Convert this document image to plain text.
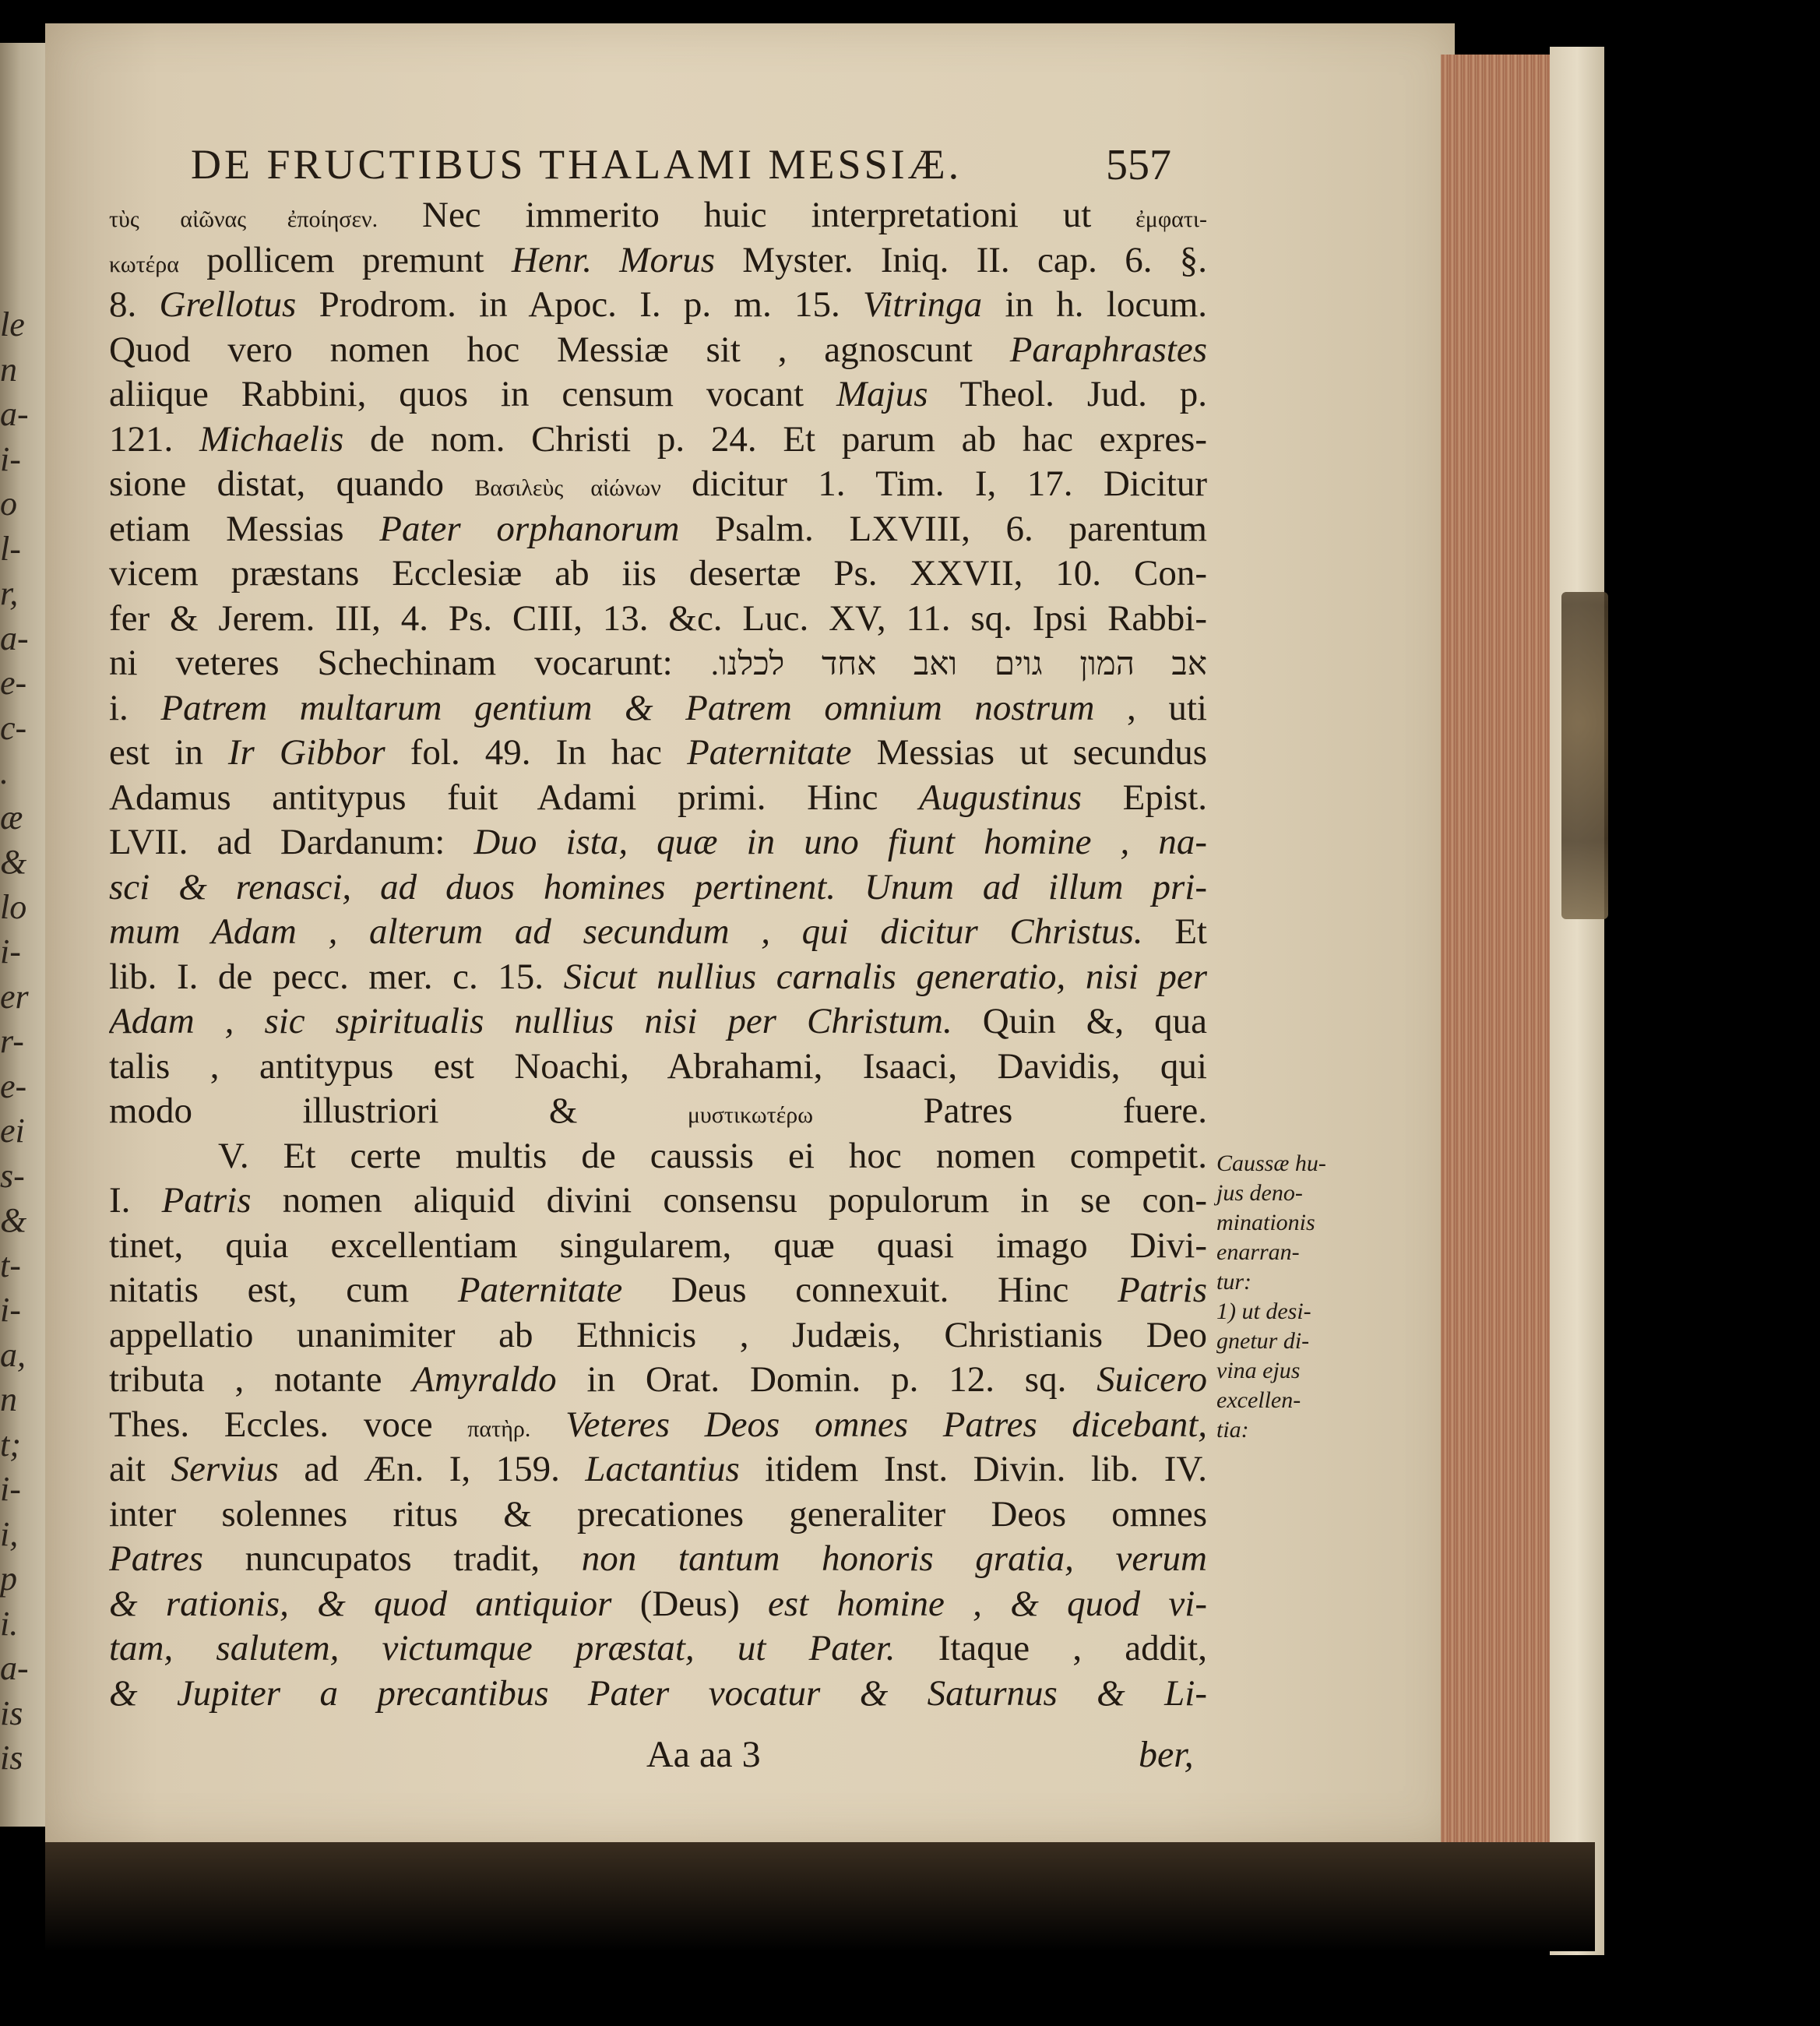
le
n
a-
i-
o
l-
r,
a-
e-
c-
.
æ
&
lo
i-
er
r-
e-
ei
s-
&
t-
i-
a,
n
t;
i-
i,
p
i.
a-
is
is
DE FRUCTIBUS THALAMI MESSIÆ.	557
τὺς αἰῶνας ἐποίησεν. Nec immerito huic interpretationi ut ἐμφατι-
κωτέρα pollicem premunt Henr. Morus Myster. Iniq. II. cap. 6. §.
8. Grellotus Prodrom. in Apoc. I. p. m. 15. Vitringa in h. locum.
Quod vero nomen hoc Messiæ sit , agnoscunt Paraphrastes
aliique Rabbini, quos in censum vocant Majus Theol. Jud. p.
121. Michaelis de nom. Christi p. 24. Et parum ab hac expres-
sione distat, quando Βασιλεὺς αἰώνων dicitur 1. Tim. I, 17. Dicitur
etiam Messias Pater orphanorum Psalm. LXVIII, 6. parentum
vicem præstans Ecclesiæ ab iis desertæ Ps. XXVII, 10. Con-
fer & Jerem. III, 4. Ps. CIII, 13. &c. Luc. XV, 11. sq. Ipsi Rabbi-
ni veteres Schechinam vocarunt: אב המון גוים ואב אחד לכלנו.
i. Patrem multarum gentium & Patrem omnium nostrum , uti
est in Ir Gibbor fol. 49. In hac Paternitate Messias ut secundus
Adamus antitypus fuit Adami primi. Hinc Augustinus Epist.
LVII. ad Dardanum: Duo ista, quæ in uno fiunt homine , na-
sci & renasci, ad duos homines pertinent. Unum ad illum pri-
mum Adam , alterum ad secundum , qui dicitur Christus. Et
lib. I. de pecc. mer. c. 15. Sicut nullius carnalis generatio, nisi per
Adam , sic spiritualis nullius nisi per Christum. Quin &, qua
talis , antitypus est Noachi, Abrahami, Isaaci, Davidis, qui
modo illustriori & μυστικωτέρω Patres fuere.
V. Et certe multis de caussis ei hoc nomen competit.
I. Patris nomen aliquid divini consensu populorum in se con-
tinet, quia excellentiam singularem, quæ quasi imago Divi-
nitatis est, cum Paternitate Deus connexuit. Hinc Patris
appellatio unanimiter ab Ethnicis , Judæis, Christianis Deo
tributa , notante Amyraldo in Orat. Domin. p. 12. sq. Suicero
Thes. Eccles. voce πατὴρ. Veteres Deos omnes Patres dicebant,
ait Servius ad Æn. I, 159. Lactantius itidem Inst. Divin. lib. IV.
inter solennes ritus & precationes generaliter Deos omnes
Patres nuncupatos tradit, non tantum honoris gratia, verum
& rationis, & quod antiquior (Deus) est homine , & quod vi-
tam, salutem, victumque præstat, ut Pater. Itaque , addit,
& Jupiter a precantibus Pater vocatur & Saturnus & Li-
Caussæ hu-
jus deno-
minationis
enarran-
tur:
1) ut desi-
gnetur di-
vina ejus
excellen-
tia:
Aa aa 3	ber,
